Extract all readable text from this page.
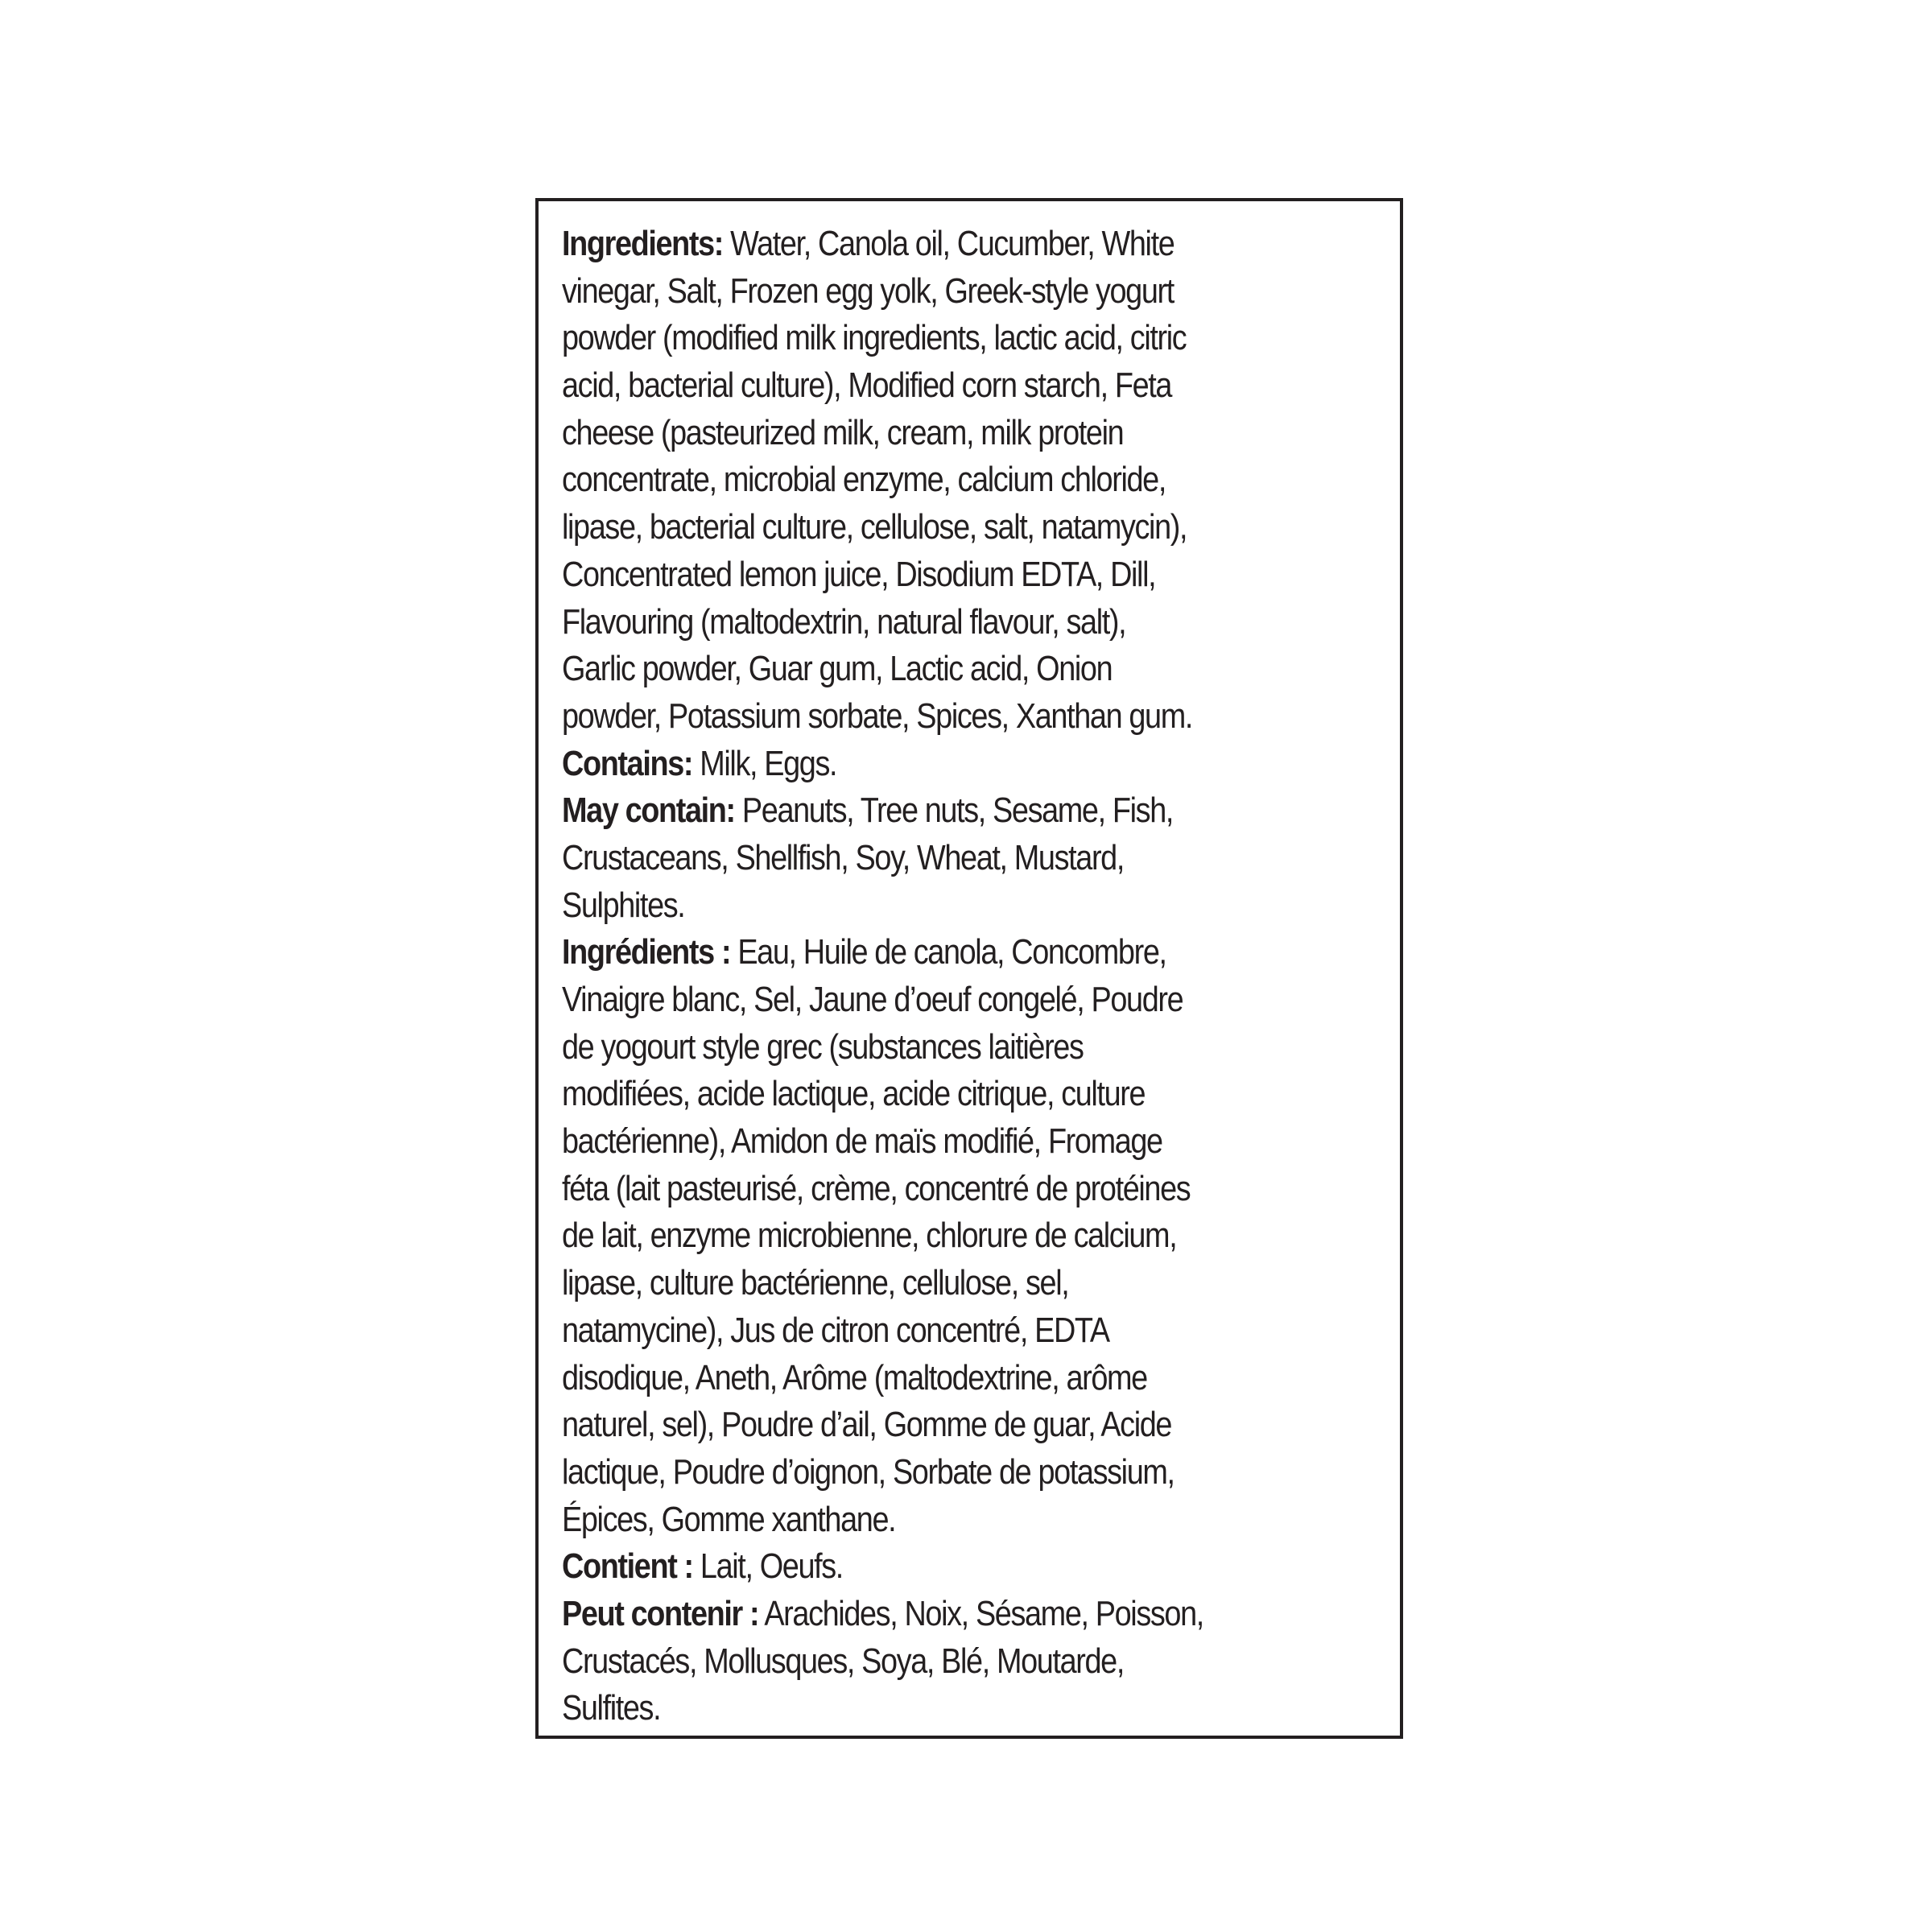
Ingredients: Water, Canola oil, Cucumber, White
vinegar, Salt, Frozen egg yolk, Greek-style yogurt
powder (modified milk ingredients, lactic acid, citric
acid, bacterial culture), Modified corn starch, Feta
cheese (pasteurized milk, cream, milk protein
concentrate, microbial enzyme, calcium chloride,
lipase, bacterial culture, cellulose, salt, natamycin),
Concentrated lemon juice, Disodium EDTA, Dill,
Flavouring (maltodextrin, natural flavour, salt),
Garlic powder, Guar gum, Lactic acid, Onion
powder, Potassium sorbate, Spices, Xanthan gum.
Contains: Milk, Eggs.
May contain: Peanuts, Tree nuts, Sesame, Fish,
Crustaceans, Shellfish, Soy, Wheat, Mustard,
Sulphites.
Ingrédients : Eau, Huile de canola, Concombre,
Vinaigre blanc, Sel, Jaune d’oeuf congelé, Poudre
de yogourt style grec (substances laitières
modifiées, acide lactique, acide citrique, culture
bactérienne), Amidon de maïs modifié, Fromage
féta (lait pasteurisé, crème, concentré de protéines
de lait, enzyme microbienne, chlorure de calcium,
lipase, culture bactérienne, cellulose, sel,
natamycine), Jus de citron concentré, EDTA
disodique, Aneth, Arôme (maltodextrine, arôme
naturel, sel), Poudre d’ail, Gomme de guar, Acide
lactique, Poudre d’oignon, Sorbate de potassium,
Épices, Gomme xanthane.
Contient : Lait, Oeufs.
Peut contenir : Arachides, Noix, Sésame, Poisson,
Crustacés, Mollusques, Soya, Blé, Moutarde,
Sulfites.
